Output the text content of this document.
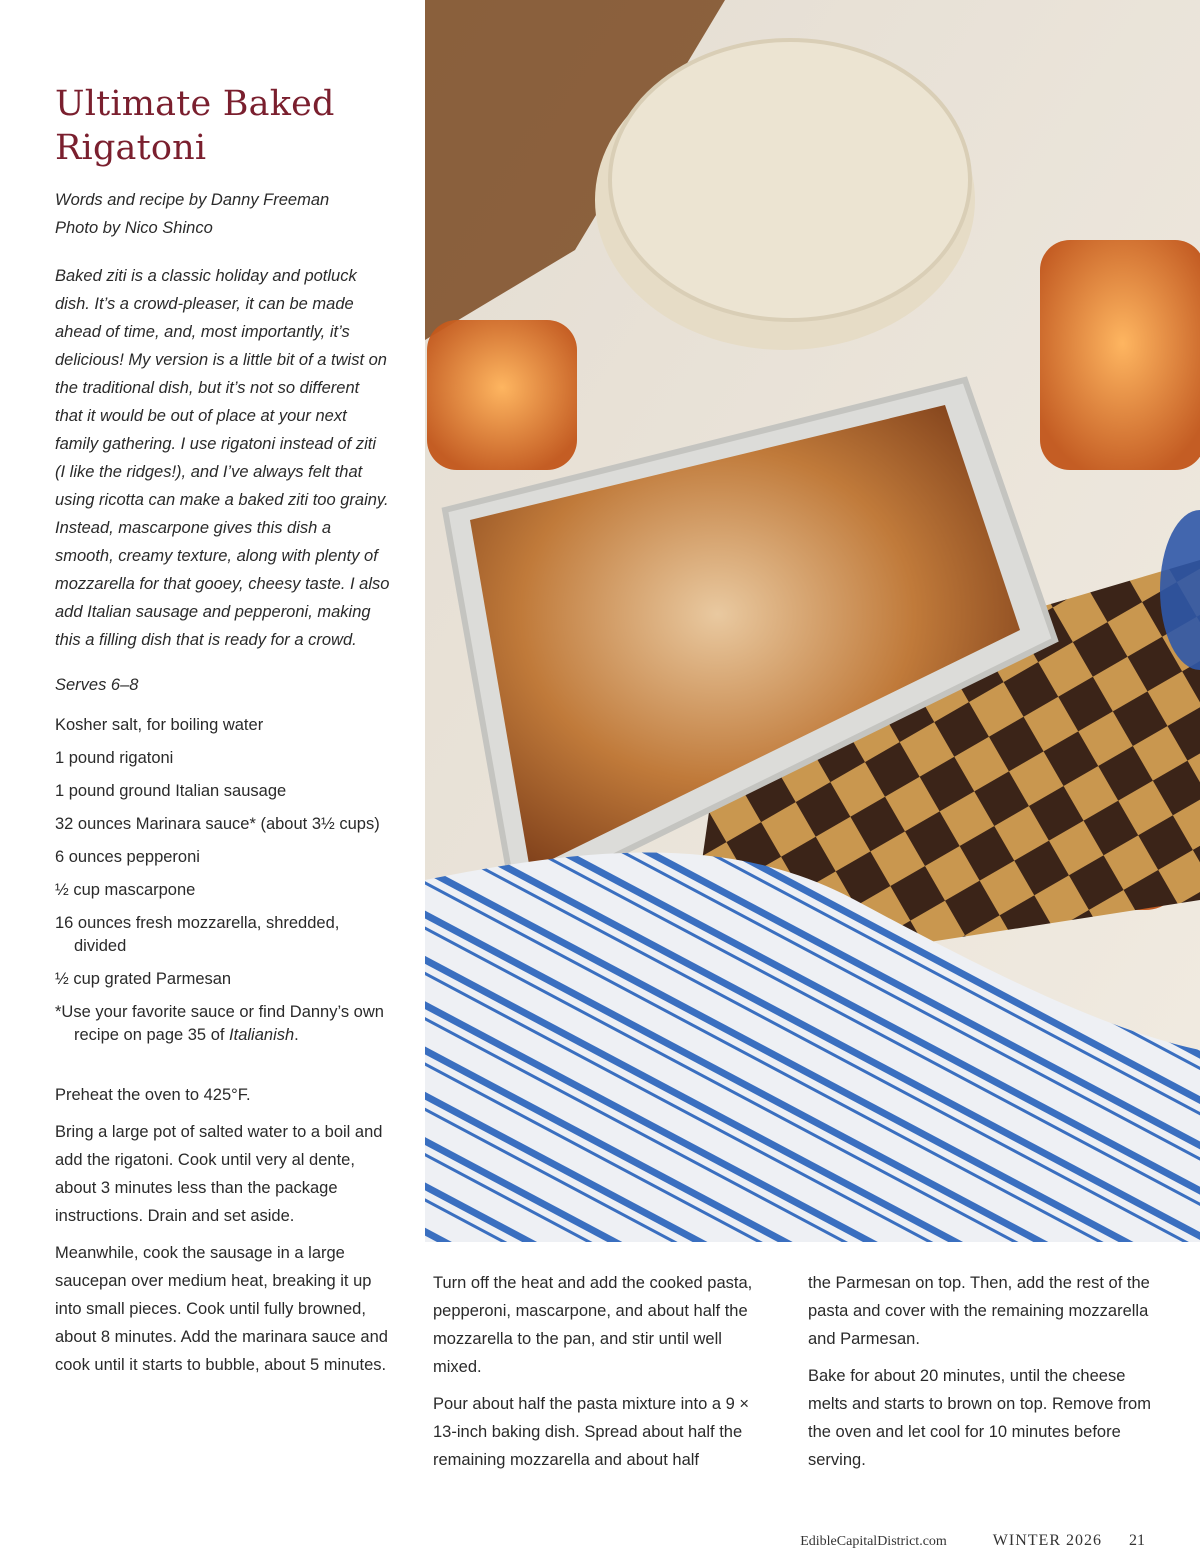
Ultimate Baked
Rigatoni

Words and recipe by Danny Freeman

Photo by Nico Shinco

Baked ziti is a classic holiday and potluck dish. It’s a crowd-pleaser, it can be made ahead of time, and, most importantly, it’s delicious! My version is a little bit of a twist on the traditional dish, but it’s not so different that it would be out of place at your next family gathering. I use rigatoni instead of ziti (I like the ridges!), and I’ve always felt that using ricotta can make a baked ziti too grainy. Instead, mascarpone gives this dish a smooth, creamy texture, along with plenty of mozzarella for that gooey, cheesy taste. I also add Italian sausage and pepperoni, making this a filling dish that is ready for a crowd.

Serves 6–8

Kosher salt, for boiling water
1 pound rigatoni
1 pound ground Italian sausage
32 ounces Marinara sauce* (about 3½ cups)
6 ounces pepperoni
½ cup mascarpone
16 ounces fresh mozzarella, shredded, divided
½ cup grated Parmesan
*Use your favorite sauce or find Danny’s own recipe on page 35 of Italianish.

Preheat the oven to 425°F.

Bring a large pot of salted water to a boil and add the rigatoni. Cook until very al dente, about 3 minutes less than the package instructions. Drain and set aside.

Meanwhile, cook the sausage in a large saucepan over medium heat, breaking it up into small pieces. Cook until fully browned, about 8 minutes. Add the marinara sauce and cook until it starts to bubble, about 5 minutes.

Turn off the heat and add the cooked pasta, pepperoni, mascarpone, and about half the mozzarella to the pan, and stir until well mixed.

Pour about half the pasta mixture into a 9 × 13-inch baking dish. Spread about half the remaining mozzarella and about half

the Parmesan on top. Then, add the rest of the pasta and cover with the remaining mozzarella and Parmesan.

Bake for about 20 minutes, until the cheese melts and starts to brown on top. Remove from the oven and let cool for 10 minutes before serving.

EdibleCapitalDistrict.com	WINTER 2026 21
